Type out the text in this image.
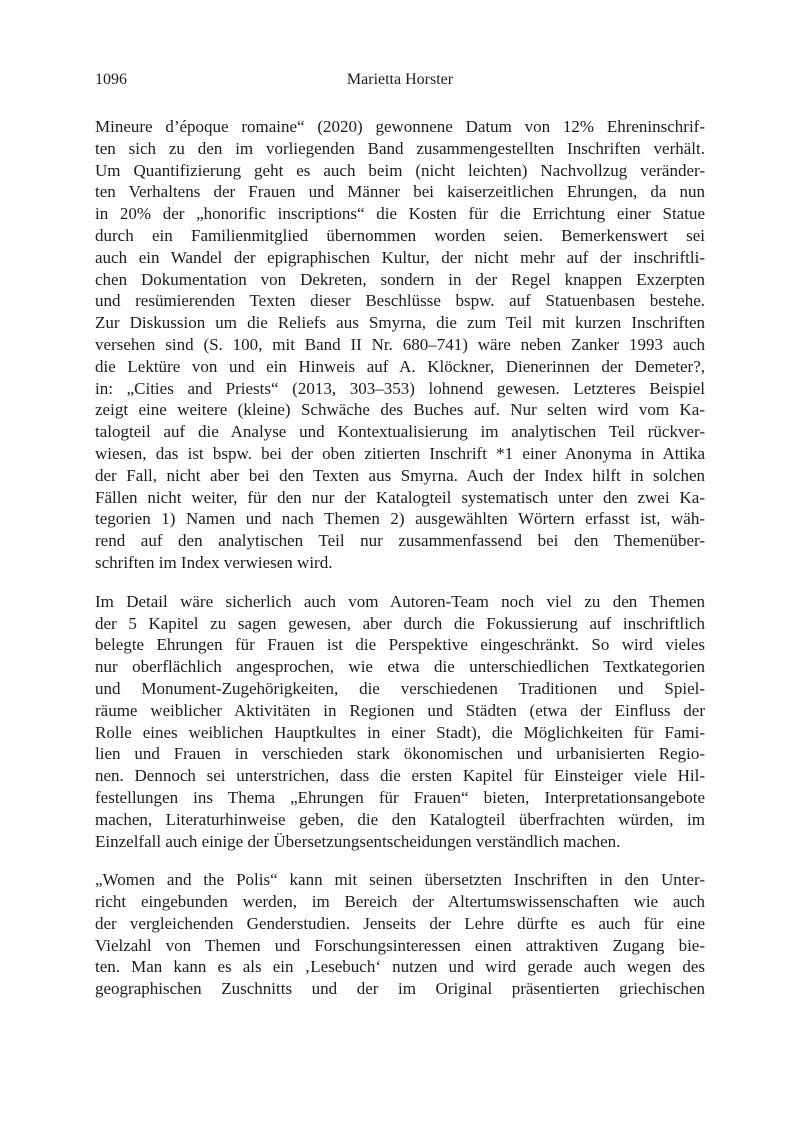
1096	Marietta Horster

Mineure d’époque romaine“ (2020) gewonnene Datum von 12% Ehreninschrif-
ten sich zu den im vorliegenden Band zusammengestellten Inschriften verhält.
Um Quantifizierung geht es auch beim (nicht leichten) Nachvollzug veränder-
ten Verhaltens der Frauen und Männer bei kaiserzeitlichen Ehrungen, da nun
in 20% der „honorific inscriptions“ die Kosten für die Errichtung einer Statue
durch ein Familienmitglied übernommen worden seien. Bemerkenswert sei
auch ein Wandel der epigraphischen Kultur, der nicht mehr auf der inschriftli-
chen Dokumentation von Dekreten, sondern in der Regel knappen Exzerpten
und resümierenden Texten dieser Beschlüsse bspw. auf Statuenbasen bestehe.
Zur Diskussion um die Reliefs aus Smyrna, die zum Teil mit kurzen Inschriften
versehen sind (S. 100, mit Band II Nr. 680–741) wäre neben Zanker 1993 auch
die Lektüre von und ein Hinweis auf A. Klöckner, Dienerinnen der Demeter?,
in: „Cities and Priests“ (2013, 303–353) lohnend gewesen. Letzteres Beispiel
zeigt eine weitere (kleine) Schwäche des Buches auf. Nur selten wird vom Ka-
talogteil auf die Analyse und Kontextualisierung im analytischen Teil rückver-
wiesen, das ist bspw. bei der oben zitierten Inschrift *1 einer Anonyma in Attika
der Fall, nicht aber bei den Texten aus Smyrna. Auch der Index hilft in solchen
Fällen nicht weiter, für den nur der Katalogteil systematisch unter den zwei Ka-
tegorien 1) Namen und nach Themen 2) ausgewählten Wörtern erfasst ist, wäh-
rend auf den analytischen Teil nur zusammenfassend bei den Themenüber-
schriften im Index verwiesen wird.

Im Detail wäre sicherlich auch vom Autoren-Team noch viel zu den Themen
der 5 Kapitel zu sagen gewesen, aber durch die Fokussierung auf inschriftlich
belegte Ehrungen für Frauen ist die Perspektive eingeschränkt. So wird vieles
nur oberflächlich angesprochen, wie etwa die unterschiedlichen Textkategorien
und Monument-Zugehörigkeiten, die verschiedenen Traditionen und Spiel-
räume weiblicher Aktivitäten in Regionen und Städten (etwa der Einfluss der
Rolle eines weiblichen Hauptkultes in einer Stadt), die Möglichkeiten für Fami-
lien und Frauen in verschieden stark ökonomischen und urbanisierten Regio-
nen. Dennoch sei unterstrichen, dass die ersten Kapitel für Einsteiger viele Hil-
festellungen ins Thema „Ehrungen für Frauen“ bieten, Interpretationsangebote
machen, Literaturhinweise geben, die den Katalogteil überfrachten würden, im
Einzelfall auch einige der Übersetzungsentscheidungen verständlich machen.

„Women and the Polis“ kann mit seinen übersetzten Inschriften in den Unter-
richt eingebunden werden, im Bereich der Altertumswissenschaften wie auch
der vergleichenden Genderstudien. Jenseits der Lehre dürfte es auch für eine
Vielzahl von Themen und Forschungsinteressen einen attraktiven Zugang bie-
ten. Man kann es als ein ‚Lesebuch‘ nutzen und wird gerade auch wegen des
geographischen Zuschnitts und der im Original präsentierten griechischen
